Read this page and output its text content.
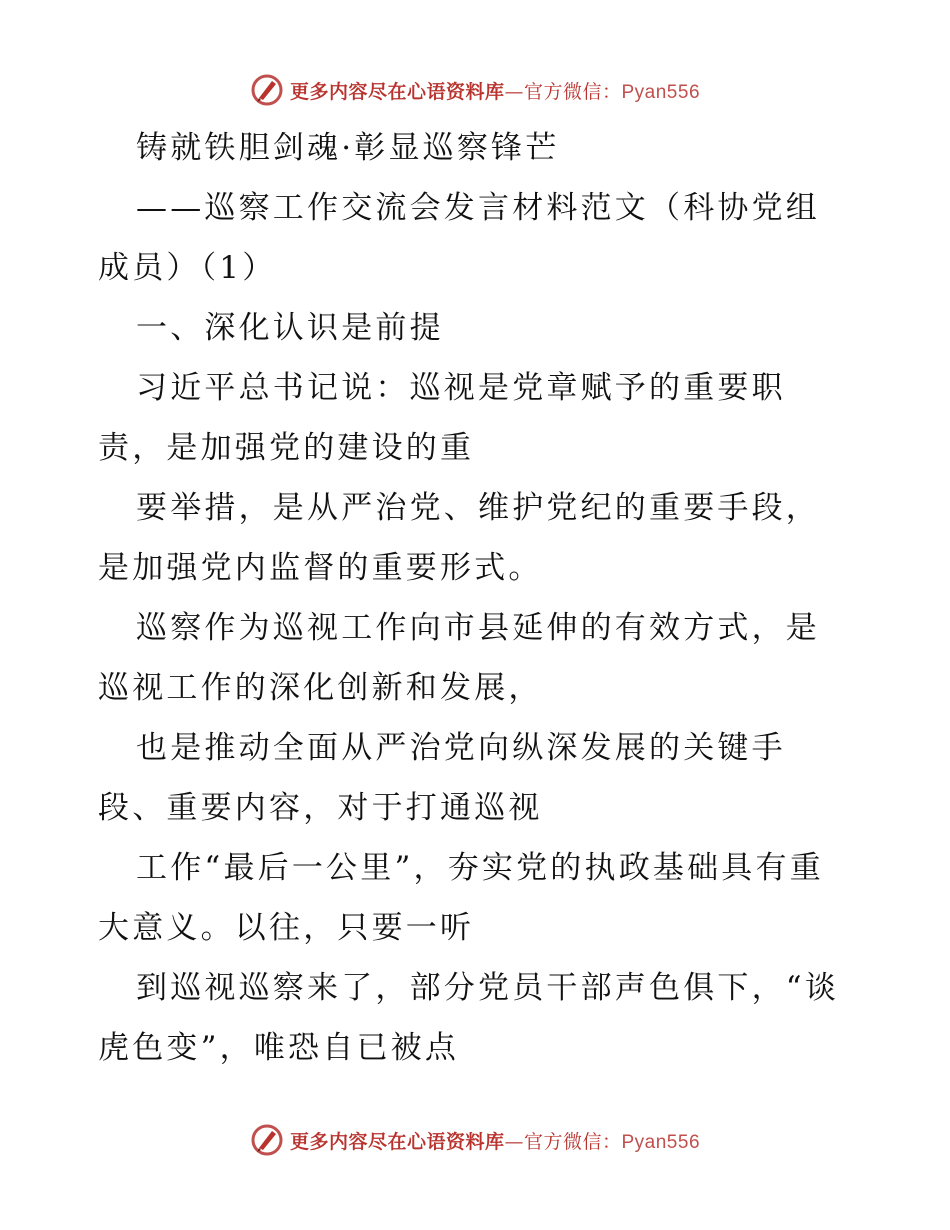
更多内容尽在心语资料库—官方微信：Pyan556

铸就铁胆剑魂·彰显巡察锋芒

——巡察工作交流会发言材料范文（科协党组成员）（1）

一、深化认识是前提

习近平总书记说：巡视是党章赋予的重要职责，是加强党的建设的重

要举措，是从严治党、维护党纪的重要手段，是加强党内监督的重要形式。

巡察作为巡视工作向市县延伸的有效方式，是巡视工作的深化创新和发展，

也是推动全面从严治党向纵深发展的关键手段、重要内容，对于打通巡视

工作“最后一公里”，夯实党的执政基础具有重大意义。以往，只要一听

到巡视巡察来了，部分党员干部声色俱下，“谈虎色变”，唯恐自已被点

更多内容尽在心语资料库—官方微信：Pyan556
